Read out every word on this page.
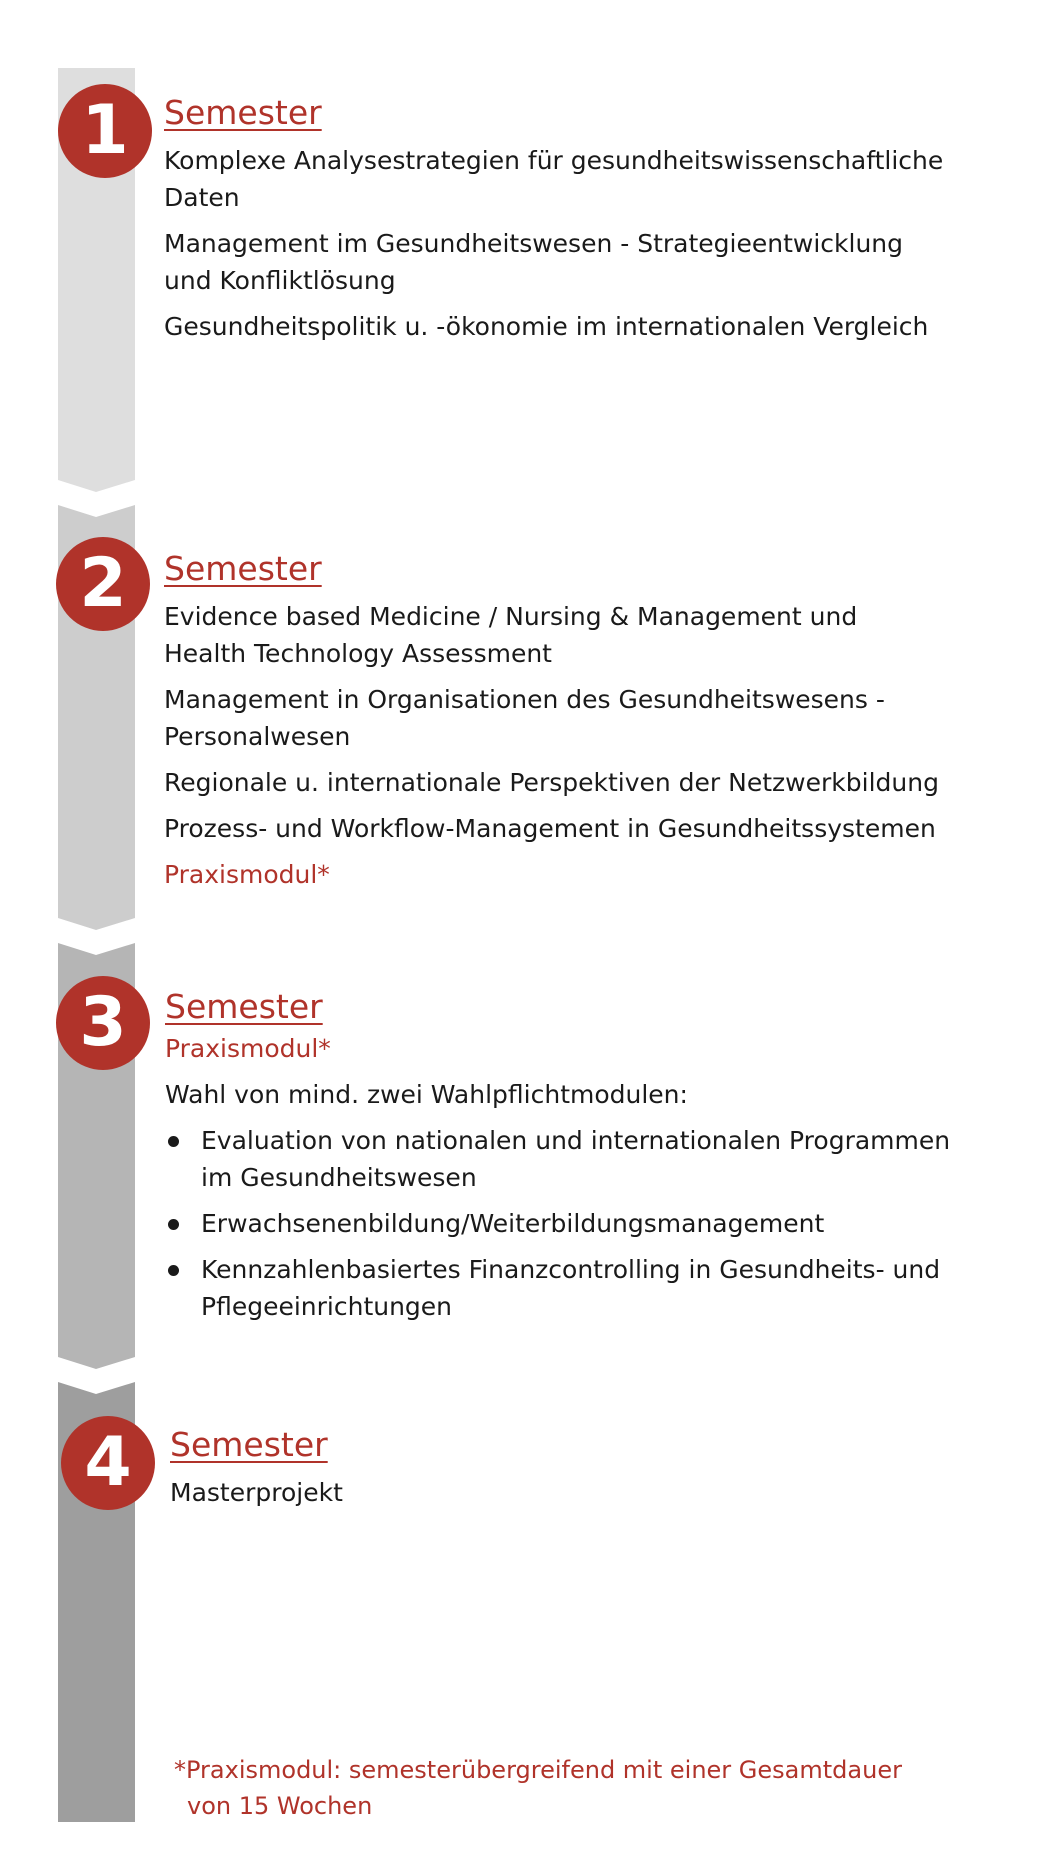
1
2
3
4
Semester
Komplexe Analysestrategien für gesundheitswissenschaftliche Daten
Management im Gesundheitswesen - Strategieentwicklung und Konfliktlösung
Gesundheitspolitik u. -ökonomie im internationalen Vergleich
Semester
Evidence based Medicine / Nursing & Management und Health Technology Assessment
Management in Organisationen des Gesundheitswesens - Personalwesen
Regionale u. internationale Perspektiven der Netzwerkbildung
Prozess- und Workflow-Management in Gesundheitssystemen
Praxismodul*
Semester
Praxismodul*
Wahl von mind. zwei Wahlpflichtmodulen:
Evaluation von nationalen und internationalen Programmen im Gesundheitswesen
Erwachsenenbildung/Weiterbildungsmanagement
Kennzahlenbasiertes Finanzcontrolling in Gesundheits- und Pflegeeinrichtungen
Semester
Masterprojekt
*Praxismodul: semesterübergreifend mit einer Gesamtdauer von 15 Wochen
